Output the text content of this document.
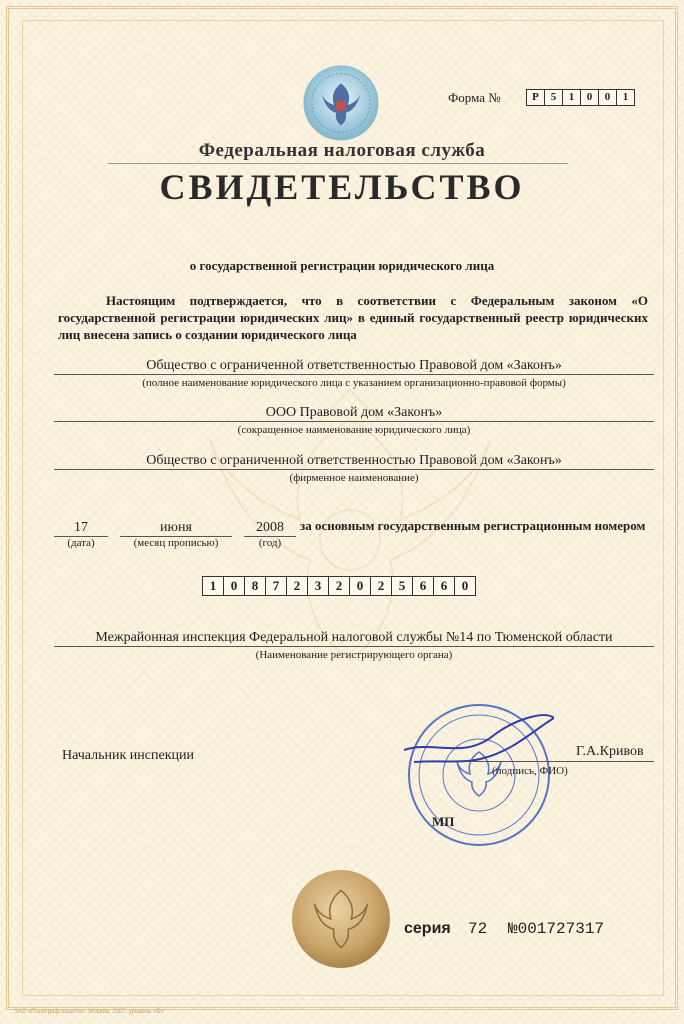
Форма №	Р	5	1	0	0	1
Федеральная налоговая служба
СВИДЕТЕЛЬСТВО
о государственной регистрации юридического лица
Настоящим подтверждается, что в соответствии с Федеральным законом «О государственной регистрации юридических лиц» в единый государственный реестр юридических лиц внесена запись о создании юридического лица
Общество с ограниченной ответственностью Правовой дом «Законъ»
(полное наименование юридического лица с указанием организационно-правовой формы)
ООО Правовой дом «Законъ»
(сокращенное наименование юридического лица)
Общество с ограниченной ответственностью Правовой дом «Законъ»
(фирменное наименование)
17
(дата)
июня
(месяц прописью)
2008
(год)
за основным государственным регистрационным номером
1	0	8	7	2	3	2	0	2	5	6	6	0
Межрайонная инспекция Федеральной налоговой службы №14 по Тюменской области
(Наименование регистрирующего органа)
Начальник инспекции	Г.А.Кривов
(подпись, ФИО)
МП
серия 72 №001727317
ЗАО «Полиграф-защита», Москва, 2007, уровень «Б»
